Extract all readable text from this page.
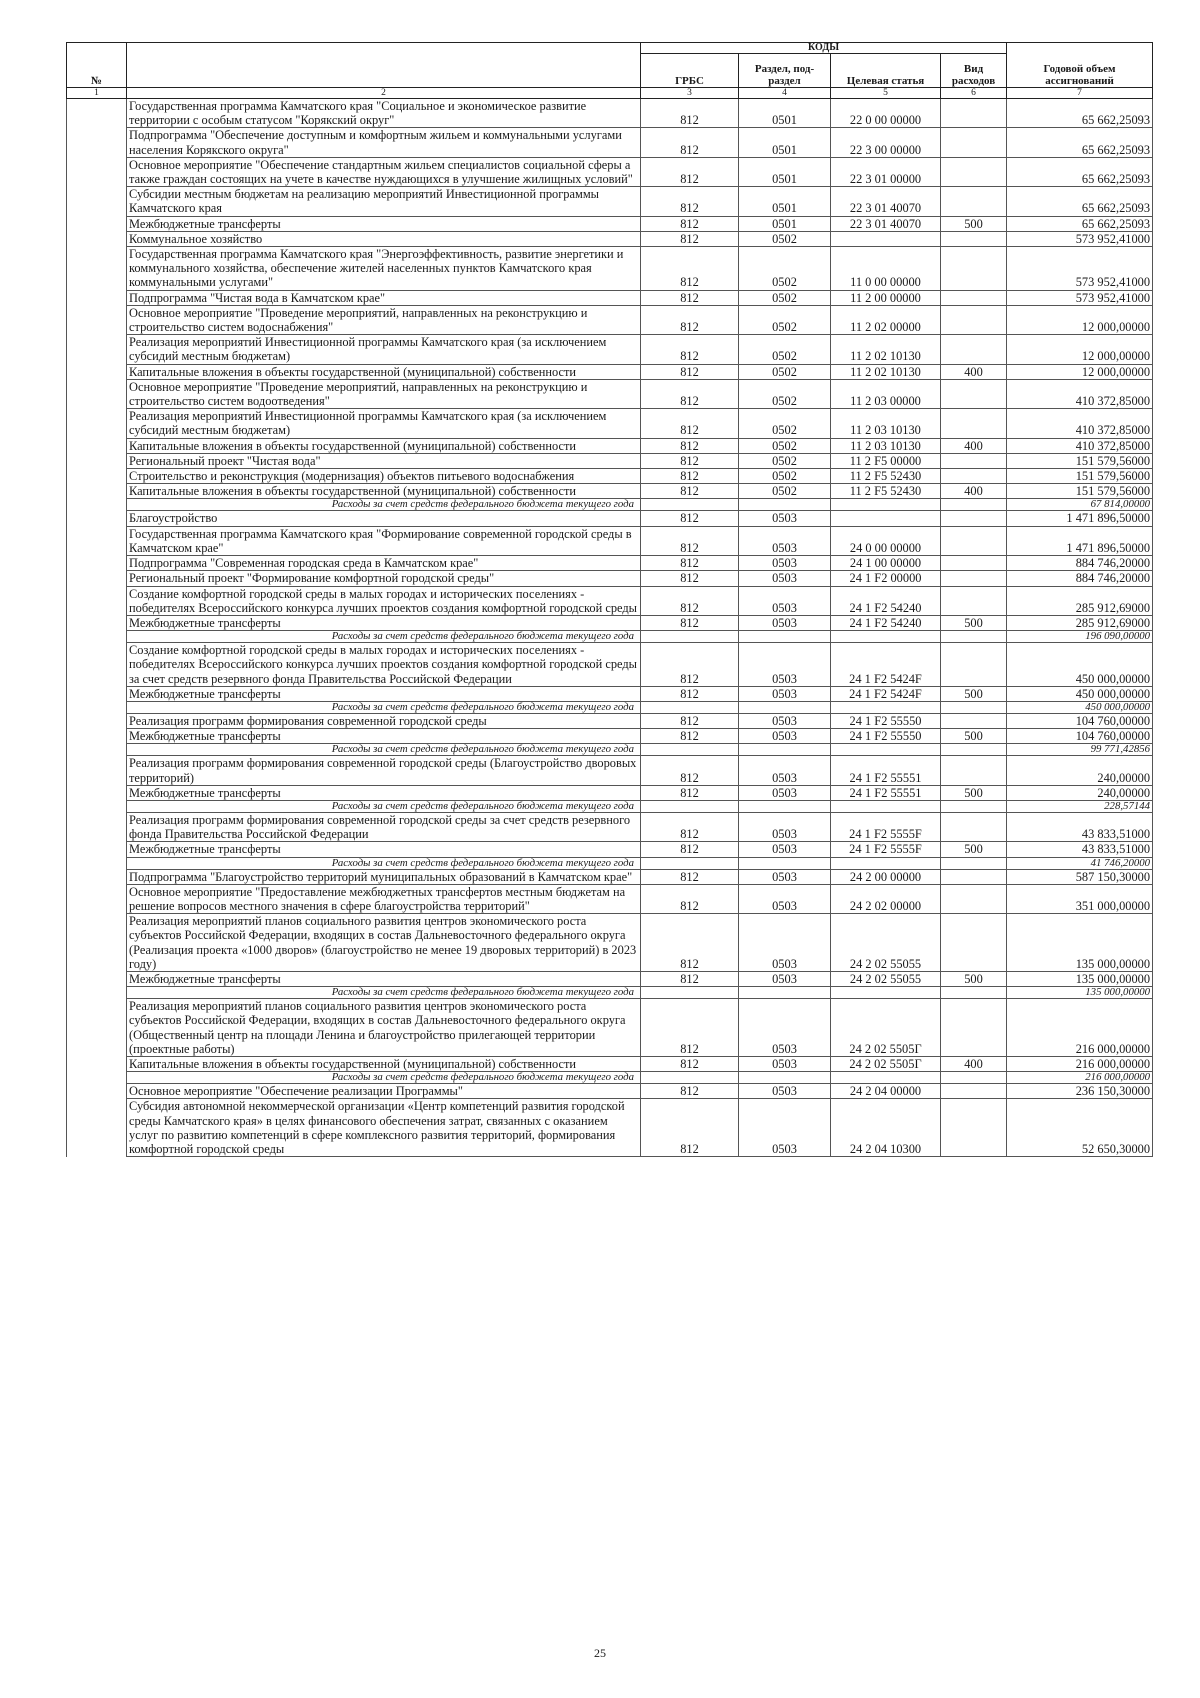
№		КОДЫ				Годовой объем ассигнований
		ГРБС	Раздел, под-раздел	Целевая статья	Вид расходов	
1	2	3	4	5	6	7
	Государственная программа Камчатского края "Социальное и экономическое развитие территории с особым статусом "Корякский округ"	812	0501	22 0 00 00000		65 662,25093
	Подпрограмма "Обеспечение доступным и комфортным жильем и коммунальными услугами населения Корякского округа"	812	0501	22 3 00 00000		65 662,25093
	Основное мероприятие "Обеспечение стандартным жильем специалистов социальной сферы а также граждан состоящих на учете в качестве нуждающихся в улучшение жилищных условий"	812	0501	22 3 01 00000		65 662,25093
	Субсидии местным бюджетам на реализацию мероприятий Инвестиционной программы Камчатского края	812	0501	22 3 01 40070		65 662,25093
	Межбюджетные трансферты	812	0501	22 3 01 40070	500	65 662,25093
	Коммунальное хозяйство	812	0502			573 952,41000
	Государственная программа Камчатского края "Энергоэффективность, развитие энергетики и коммунального хозяйства, обеспечение жителей населенных пунктов Камчатского края коммунальными услугами"	812	0502	11 0 00 00000		573 952,41000
	Подпрограмма "Чистая вода в Камчатском крае"	812	0502	11 2 00 00000		573 952,41000
	Основное мероприятие "Проведение мероприятий, направленных на реконструкцию и строительство систем водоснабжения"	812	0502	11 2 02 00000		12 000,00000
	Реализация мероприятий Инвестиционной программы Камчатского края (за исключением субсидий местным бюджетам)	812	0502	11 2 02 10130		12 000,00000
	Капитальные вложения в объекты государственной (муниципальной) собственности	812	0502	11 2 02 10130	400	12 000,00000
	Основное мероприятие "Проведение мероприятий, направленных на реконструкцию и строительство систем водоотведения"	812	0502	11 2 03 00000		410 372,85000
	Реализация мероприятий Инвестиционной программы Камчатского края (за исключением субсидий местным бюджетам)	812	0502	11 2 03 10130		410 372,85000
	Капитальные вложения в объекты государственной (муниципальной) собственности	812	0502	11 2 03 10130	400	410 372,85000
	Региональный проект "Чистая вода"	812	0502	11 2 F5 00000		151 579,56000
	Строительство и реконструкция (модернизация) объектов питьевого водоснабжения	812	0502	11 2 F5 52430		151 579,56000
	Капитальные вложения в объекты государственной (муниципальной) собственности	812	0502	11 2 F5 52430	400	151 579,56000
	Расходы за счет средств федерального бюджета текущего года					67 814,00000
	Благоустройство	812	0503			1 471 896,50000
	Государственная программа Камчатского края "Формирование современной городской среды в Камчатском крае"	812	0503	24 0 00 00000		1 471 896,50000
	Подпрограмма "Современная городская среда в Камчатском крае"	812	0503	24 1 00 00000		884 746,20000
	Региональный проект "Формирование комфортной городской среды"	812	0503	24 1 F2 00000		884 746,20000
	Создание комфортной городской среды в малых городах и исторических поселениях - победителях Всероссийского конкурса лучших проектов создания комфортной городской среды	812	0503	24 1 F2 54240		285 912,69000
	Межбюджетные трансферты	812	0503	24 1 F2 54240	500	285 912,69000
	Расходы за счет средств федерального бюджета текущего года					196 090,00000
	Создание комфортной городской среды в малых городах и исторических поселениях - победителях Всероссийского конкурса лучших проектов создания комфортной городской среды за счет средств резервного фонда Правительства Российской Федерации	812	0503	24 1 F2 5424F		450 000,00000
	Межбюджетные трансферты	812	0503	24 1 F2 5424F	500	450 000,00000
	Расходы за счет средств федерального бюджета текущего года					450 000,00000
	Реализация программ формирования современной городской среды	812	0503	24 1 F2 55550		104 760,00000
	Межбюджетные трансферты	812	0503	24 1 F2 55550	500	104 760,00000
	Расходы за счет средств федерального бюджета текущего года					99 771,42856
	Реализация программ формирования современной городской среды (Благоустройство дворовых территорий)	812	0503	24 1 F2 55551		240,00000
	Межбюджетные трансферты	812	0503	24 1 F2 55551	500	240,00000
	Расходы за счет средств федерального бюджета текущего года					228,57144
	Реализация программ формирования современной городской среды за счет средств резервного фонда Правительства Российской Федерации	812	0503	24 1 F2 5555F		43 833,51000
	Межбюджетные трансферты	812	0503	24 1 F2 5555F	500	43 833,51000
	Расходы за счет средств федерального бюджета текущего года					41 746,20000
	Подпрограмма "Благоустройство территорий муниципальных образований в Камчатском крае"	812	0503	24 2 00 00000		587 150,30000
	Основное мероприятие "Предоставление межбюджетных трансфертов местным бюджетам на решение вопросов местного значения в сфере благоустройства территорий"	812	0503	24 2 02 00000		351 000,00000
	Реализация мероприятий планов социального развития центров экономического роста субъектов Российской Федерации, входящих в состав Дальневосточного федерального округа (Реализация проекта «1000 дворов» (благоустройство не менее 19 дворовых территорий) в 2023 году)	812	0503	24 2 02 55055		135 000,00000
	Межбюджетные трансферты	812	0503	24 2 02 55055	500	135 000,00000
	Расходы за счет средств федерального бюджета текущего года					135 000,00000
	Реализация мероприятий планов социального развития центров экономического роста субъектов Российской Федерации, входящих в состав Дальневосточного федерального округа (Общественный центр на площади Ленина и благоустройство прилегающей территории (проектные работы)	812	0503	24 2 02 5505Г		216 000,00000
	Капитальные вложения в объекты государственной (муниципальной) собственности	812	0503	24 2 02 5505Г	400	216 000,00000
	Расходы за счет средств федерального бюджета текущего года					216 000,00000
	Основное мероприятие "Обеспечение реализации Программы"	812	0503	24 2 04 00000		236 150,30000
	Субсидия автономной некоммерческой организации «Центр компетенций развития городской среды Камчатского края» в целях финансового обеспечения затрат, связанных с оказанием услуг по развитию компетенций в сфере комплексного развития территорий, формирования комфортной городской среды	812	0503	24 2 04 10300		52 650,30000
25
